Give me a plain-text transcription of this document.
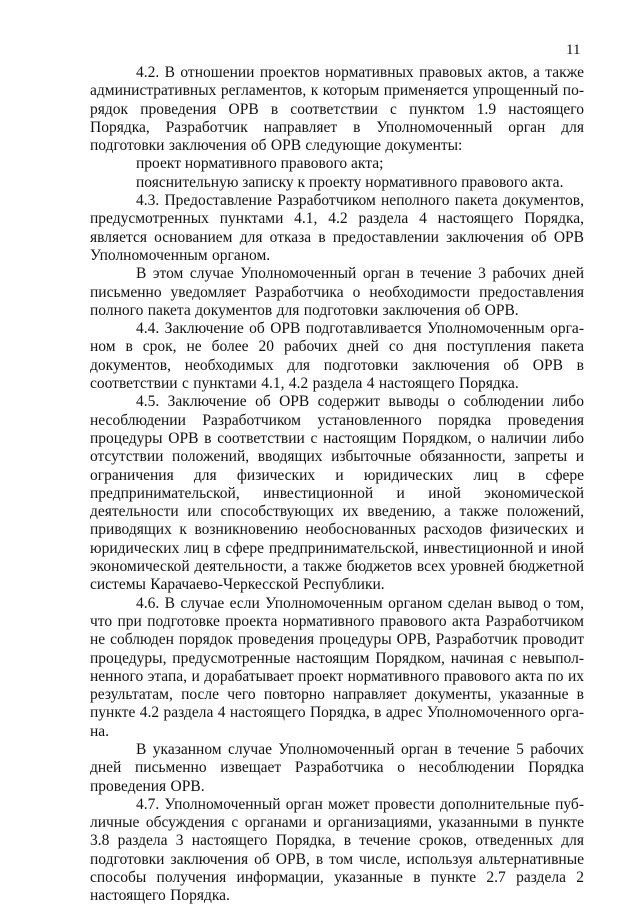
11

4.2. В отношении проектов нормативных правовых актов, а также административных регламентов, к которым применяется упрощенный порядок проведения ОРВ в соответствии с пунктом 1.9 настоящего Порядка, Разработчик направляет в Уполномоченный орган для подготовки заключения об ОРВ следующие документы:

проект нормативного правового акта;

пояснительную записку к проекту нормативного правового акта.

4.3. Предоставление Разработчиком неполного пакета документов, предусмотренных пунктами 4.1, 4.2 раздела 4 настоящего Порядка, является основанием для отказа в предоставлении заключения об ОРВ Уполномоченным органом.

В этом случае Уполномоченный орган в течение 3 рабочих дней письменно уведомляет Разработчика о необходимости предоставления полного пакета документов для подготовки заключения об ОРВ.

4.4. Заключение об ОРВ подготавливается Уполномоченным органом в срок, не более 20 рабочих дней со дня поступления пакета документов, необходимых для подготовки заключения об ОРВ в соответствии с пунктами 4.1, 4.2 раздела 4 настоящего Порядка.

4.5. Заключение об ОРВ содержит выводы о соблюдении либо несоблюдении Разработчиком установленного порядка проведения процедуры ОРВ в соответствии с настоящим Порядком, о наличии либо отсутствии положений, вводящих избыточные обязанности, запреты и ограничения для физических и юридических лиц в сфере предпринимательской, инвестиционной и иной экономической деятельности или способствующих их введению, а также положений, приводящих к возникновению необоснованных расходов физических и юридических лиц в сфере предпринимательской, инвестиционной и иной экономической деятельности, а также бюджетов всех уровней бюджетной системы Карачаево-Черкесской Республики.

4.6. В случае если Уполномоченным органом сделан вывод о том, что при подготовке проекта нормативного правового акта Разработчиком не соблюден порядок проведения процедуры ОРВ, Разработчик проводит процедуры, предусмотренные настоящим Порядком, начиная с невыполненного этапа, и дорабатывает проект нормативного правового акта по их результатам, после чего повторно направляет документы, указанные в пункте 4.2 раздела 4 настоящего Порядка, в адрес Уполномоченного органа.

В указанном случае Уполномоченный орган в течение 5 рабочих дней письменно извещает Разработчика о несоблюдении Порядка проведения ОРВ.

4.7. Уполномоченный орган может провести дополнительные публичные обсуждения с органами и организациями, указанными в пункте 3.8 раздела 3 настоящего Порядка, в течение сроков, отведенных для подготовки заключения об ОРВ, в том числе, используя альтернативные способы получения информации, указанные в пункте 2.7 раздела 2 настоящего Порядка.
